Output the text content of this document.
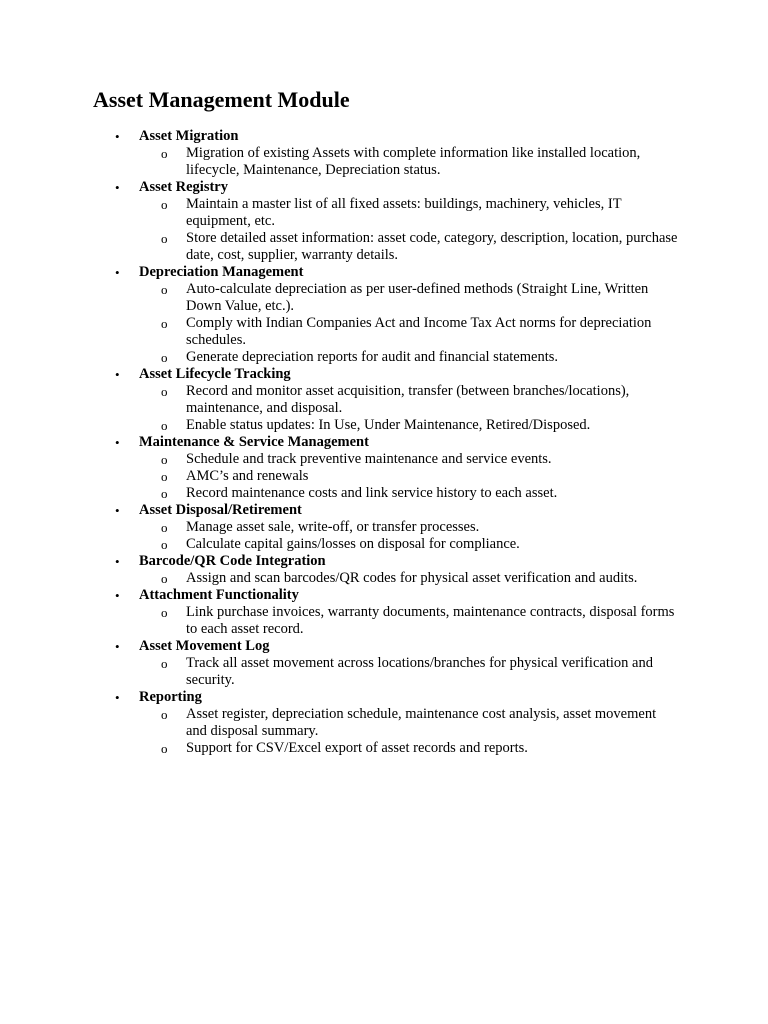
Asset Management Module
•	Asset Migration
o Migration of existing Assets with complete information like installed location, lifecycle, Maintenance, Depreciation status.
•	Asset Registry
o Maintain a master list of all fixed assets: buildings, machinery, vehicles, IT equipment, etc.
o Store detailed asset information: asset code, category, description, location, purchase date, cost, supplier, warranty details.
•	Depreciation Management
o Auto-calculate depreciation as per user-defined methods (Straight Line, Written Down Value, etc.).
o Comply with Indian Companies Act and Income Tax Act norms for depreciation schedules.
o Generate depreciation reports for audit and financial statements.
•	Asset Lifecycle Tracking
o Record and monitor asset acquisition, transfer (between branches/locations), maintenance, and disposal.
o Enable status updates: In Use, Under Maintenance, Retired/Disposed.
•	Maintenance & Service Management
o Schedule and track preventive maintenance and service events.
o AMC’s and renewals
o Record maintenance costs and link service history to each asset.
•	Asset Disposal/Retirement
o Manage asset sale, write-off, or transfer processes.
o Calculate capital gains/losses on disposal for compliance.
•	Barcode/QR Code Integration
o Assign and scan barcodes/QR codes for physical asset verification and audits.
•	Attachment Functionality
o Link purchase invoices, warranty documents, maintenance contracts, disposal forms to each asset record.
•	Asset Movement Log
o Track all asset movement across locations/branches for physical verification and security.
•	Reporting
o Asset register, depreciation schedule, maintenance cost analysis, asset movement and disposal summary.
o Support for CSV/Excel export of asset records and reports.
